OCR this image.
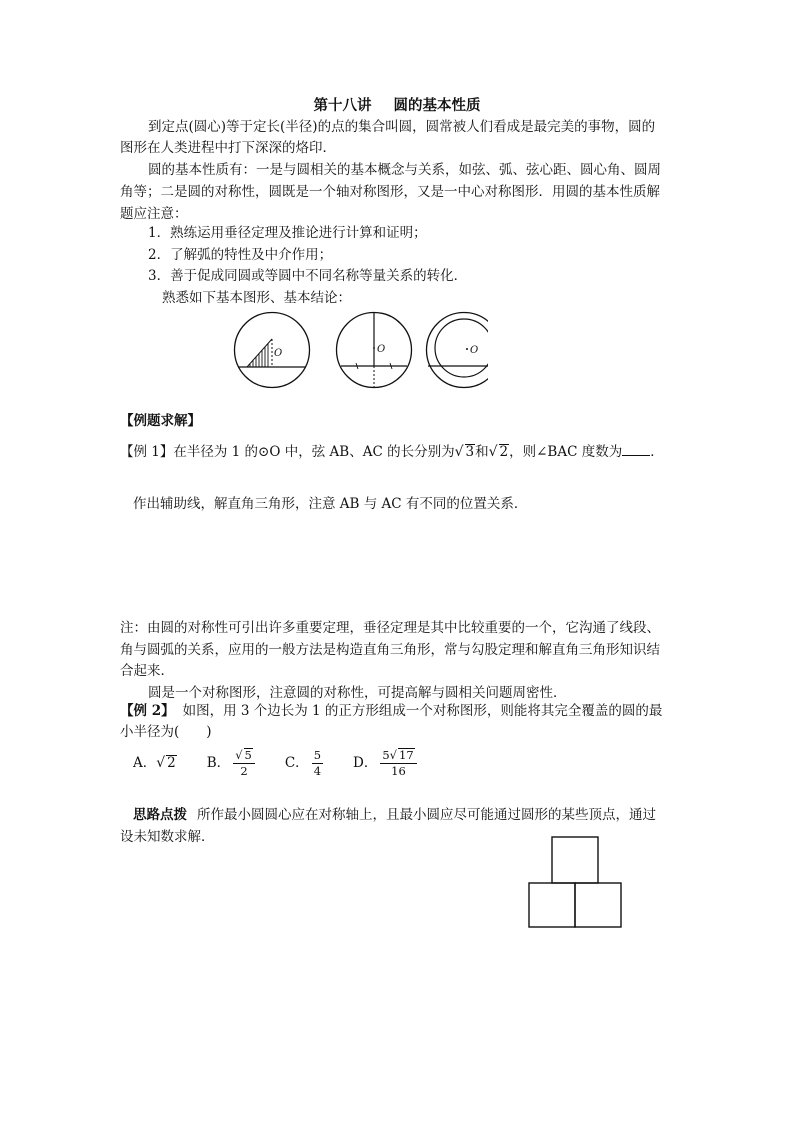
第十八讲 圆的基本性质
到定点(圆心)等于定长(半径)的点的集合叫圆，圆常被人们看成是最完美的事物，圆的
图形在人类进程中打下深深的烙印．
圆的基本性质有：一是与圆相关的基本概念与关系，如弦、弧、弦心距、圆心角、圆周
角等；二是圆的对称性，圆既是一个轴对称图形，又是一中心对称图形．用圆的基本性质解
题应注意：
1．熟练运用垂径定理及推论进行计算和证明；
2．了解弧的特性及中介作用；
3．善于促成同圆或等圆中不同名称等量关系的转化．
熟悉如下基本图形、基本结论：
O	O	O
【例题求解】
【例 1】在半径为 1 的⊙O 中，弦 AB、AC 的长分别为√ 3和√ 2，则∠BAC 度数为 ．
作出辅助线，解直角三角形，注意 AB 与 AC 有不同的位置关系．
注：由圆的对称性可引出许多重要定理，垂径定理是其中比较重要的一个，它沟通了线段、
角与圆弧的关系，应用的一般方法是构造直角三角形，常与勾股定理和解直角三角形知识结
合起来．
圆是一个对称图形，注意圆的对称性，可提高解与圆相关问题周密性．
【例 2】 如图，用 3 个边长为 1 的正方形组成一个对称图形，则能将其完全覆盖的圆的最
小半径为(　　)
A．√ 2 B． $\frac{√ 5}{2}$ C． $\frac{5}{4}$ D． $\frac{5√ 17}{16}$
思路点拨 所作最小圆圆心应在对称轴上，且最小圆应尽可能通过圆形的某些顶点，通过
设未知数求解．
